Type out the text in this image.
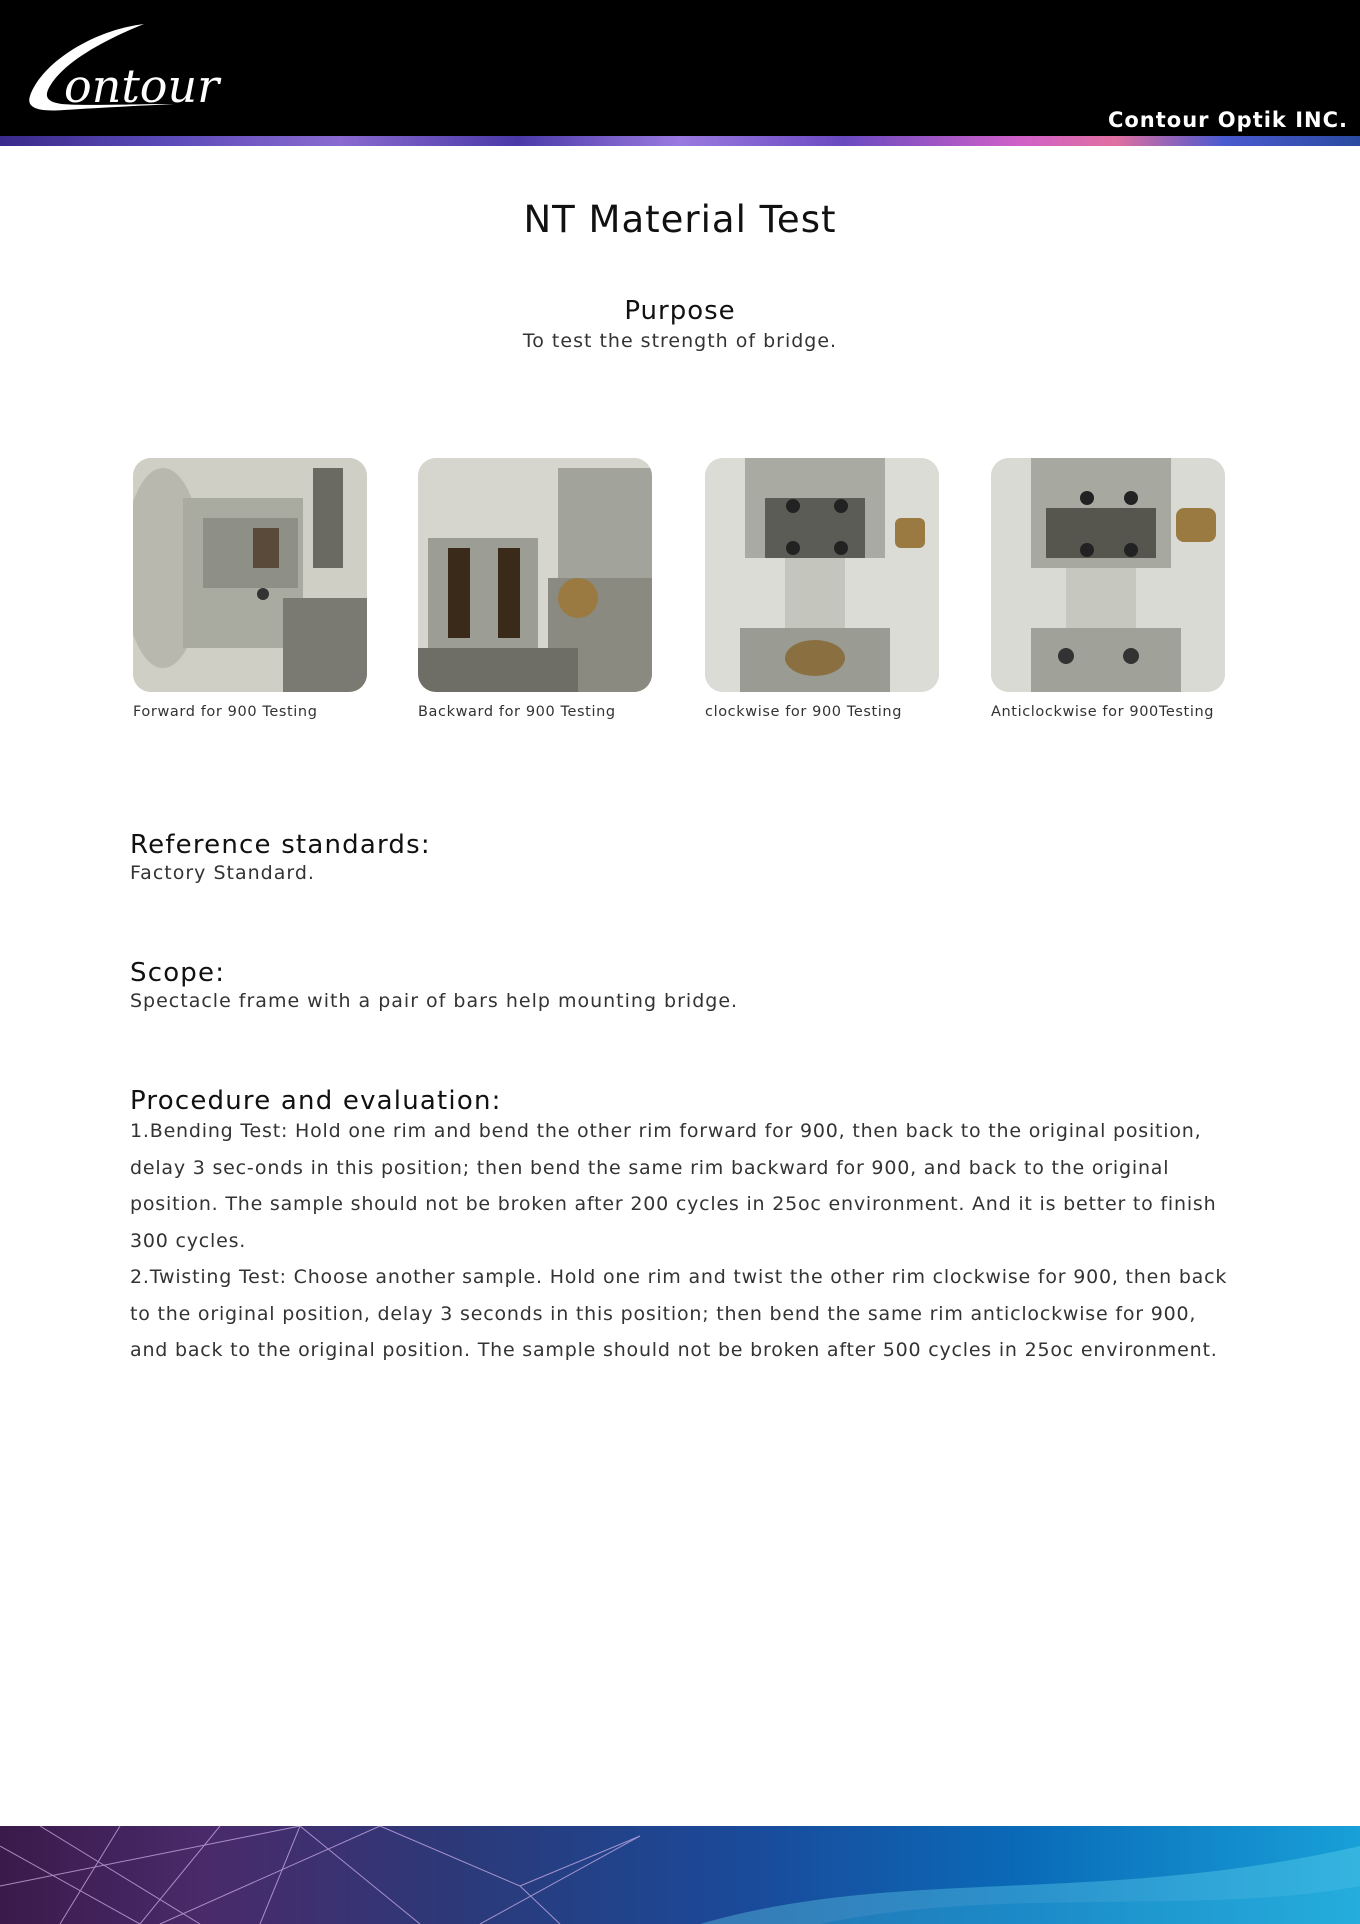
ontour
Contour Optik INC.
NT Material Test
Purpose
To test the strength of bridge.
Forward for 900 Testing	Backward for 900 Testing	clockwise for 900 Testing	Anticlockwise for 900Testing
Reference standards:
Factory Standard.
Scope:
Spectacle frame with a pair of bars help mounting bridge.
Procedure and evaluation:

1.Bending Test: Hold one rim and bend the other rim forward for 900, then back to the original position, delay 3 sec-onds in this position; then bend the same rim backward for 900, and back to the original position. The sample should not be broken after 200 cycles in 25oc environment. And it is better to finish 300 cycles.

2.Twisting Test: Choose another sample. Hold one rim and twist the other rim clockwise for 900, then back to the original position, delay 3 seconds in this position; then bend the same rim anticlockwise for 900, and back to the original position. The sample should not be broken after 500 cycles in 25oc environment.
